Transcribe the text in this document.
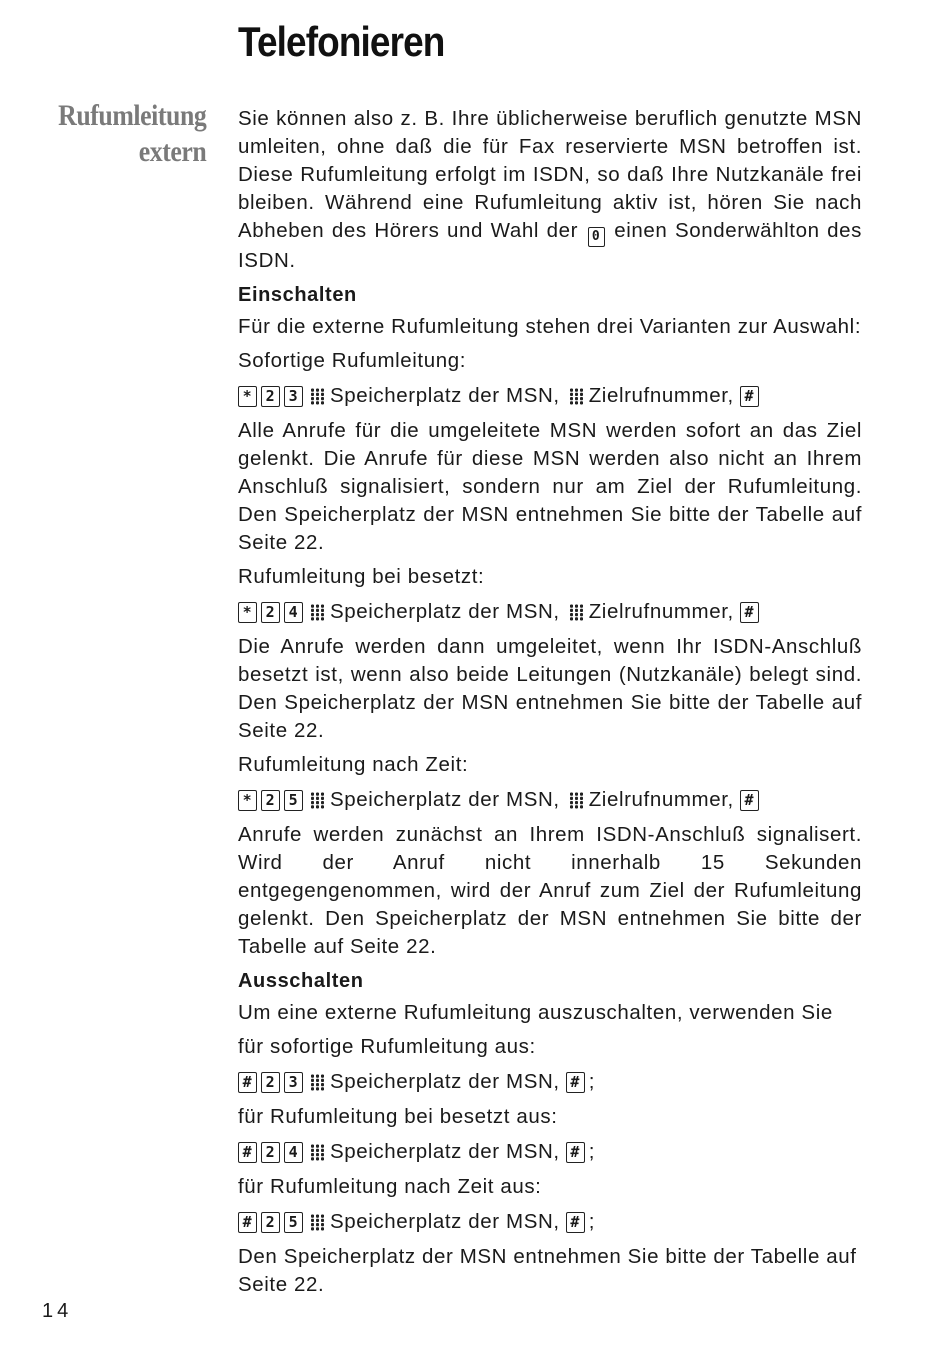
Telefonieren
Rufumleitung
extern

Sie können also z. B. Ihre üblicherweise beruflich genutzte MSN umleiten, ohne daß die für Fax reservierte MSN betroffen ist. Diese Rufumleitung erfolgt im ISDN, so daß Ihre Nutzkanäle frei bleiben. Während eine Rufumleitung aktiv ist, hören Sie nach Abheben des Hörers und Wahl der 0 einen Sonderwählton des ISDN.

Einschalten
Für die externe Rufumleitung stehen drei Varianten zur Auswahl:
Sofortige Rufumleitung:
* 2 3 Speicherplatz der MSN, Zielrufnummer, #

Alle Anrufe für die umgeleitete MSN werden sofort an das Ziel gelenkt. Die Anrufe für diese MSN werden also nicht an Ihrem Anschluß signalisiert, sondern nur am Ziel der Rufumleitung. Den Speicherplatz der MSN entnehmen Sie bitte der Tabelle auf Seite 22.

Rufumleitung bei besetzt:
* 2 4 Speicherplatz der MSN, Zielrufnummer, #

Die Anrufe werden dann umgeleitet, wenn Ihr ISDN-Anschluß besetzt ist, wenn also beide Leitungen (Nutzkanäle) belegt sind. Den Speicherplatz der MSN entnehmen Sie bitte der Tabelle auf Seite 22.

Rufumleitung nach Zeit:
* 2 5 Speicherplatz der MSN, Zielrufnummer, #

Anrufe werden zunächst an Ihrem ISDN-Anschluß signalisert. Wird der Anruf nicht innerhalb 15 Sekunden entgegengenommen, wird der Anruf zum Ziel der Rufumleitung gelenkt. Den Speicherplatz der MSN entnehmen Sie bitte der Tabelle auf Seite 22.

Ausschalten
Um eine externe Rufumleitung auszuschalten, verwenden Sie
für sofortige Rufumleitung aus:
# 2 3 Speicherplatz der MSN, # ;
für Rufumleitung bei besetzt aus:
# 2 4 Speicherplatz der MSN, # ;
für Rufumleitung nach Zeit aus:
# 2 5 Speicherplatz der MSN, # ;

Den Speicherplatz der MSN entnehmen Sie bitte der Tabelle auf Seite 22.

14
